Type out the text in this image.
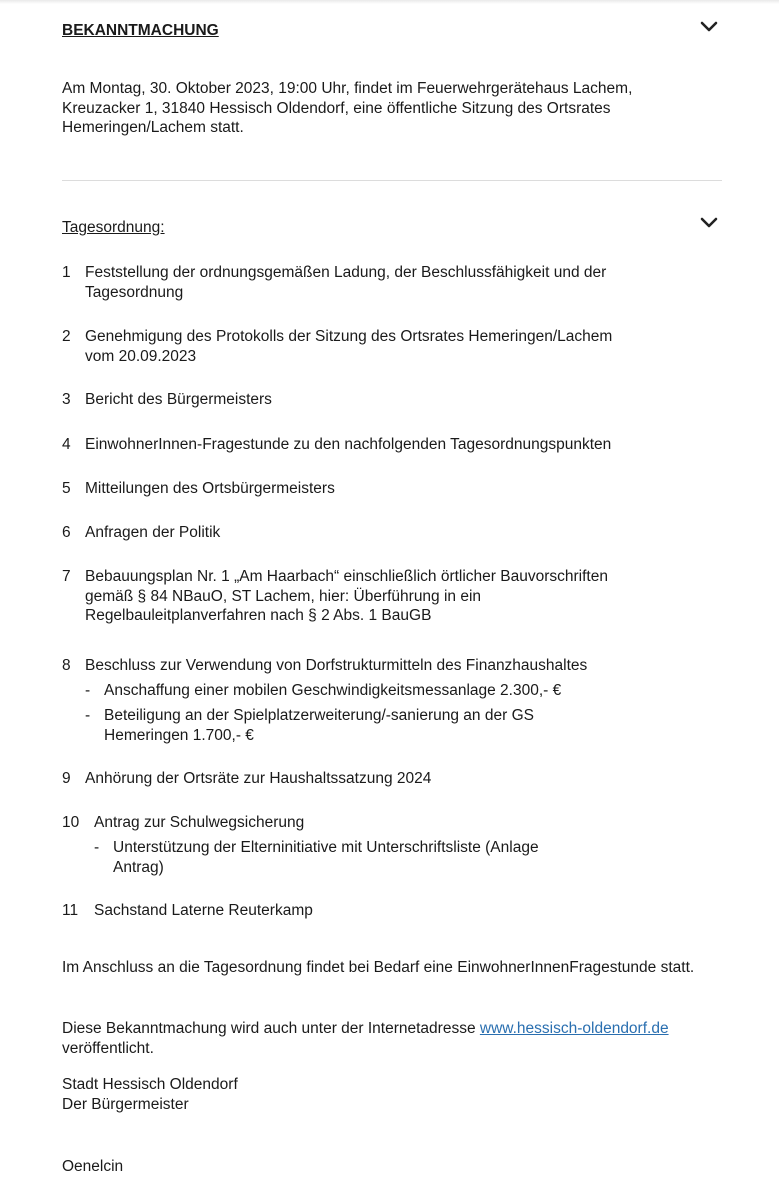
BEKANNTMACHUNG
Am Montag, 30. Oktober 2023, 19:00 Uhr, findet im Feuerwehrgerätehaus Lachem,
Kreuzacker 1, 31840 Hessisch Oldendorf, eine öffentliche Sitzung des Ortsrates
Hemeringen/Lachem statt.
Tagesordnung:
1 Feststellung der ordnungsgemäßen Ladung, der Beschlussfähigkeit und der
Tagesordnung
2 Genehmigung des Protokolls der Sitzung des Ortsrates Hemeringen/Lachem
vom 20.09.2023
3 Bericht des Bürgermeisters
4 EinwohnerInnen-Fragestunde zu den nachfolgenden Tagesordnungspunkten
5 Mitteilungen des Ortsbürgermeisters
6 Anfragen der Politik
7 Bebauungsplan Nr. 1 „Am Haarbach“ einschließlich örtlicher Bauvorschriften
gemäß § 84 NBauO, ST Lachem, hier: Überführung in ein
Regelbauleitplanverfahren nach § 2 Abs. 1 BauGB
8 Beschluss zur Verwendung von Dorfstrukturmitteln des Finanzhaushaltes
- Anschaffung einer mobilen Geschwindigkeitsmessanlage 2.300,- €
- Beteiligung an der Spielplatzerweiterung/-sanierung an der GS
Hemeringen 1.700,- €
9 Anhörung der Ortsräte zur Haushaltssatzung 2024
10 Antrag zur Schulwegsicherung
- Unterstützung der Elterninitiative mit Unterschriftsliste (Anlage
Antrag)
11 Sachstand Laterne Reuterkamp
Im Anschluss an die Tagesordnung findet bei Bedarf eine EinwohnerInnenFragestunde statt.
Diese Bekanntmachung wird auch unter der Internetadresse www.hessisch-oldendorf.de
veröffentlicht.
Stadt Hessisch Oldendorf
Der Bürgermeister
Oenelcin
